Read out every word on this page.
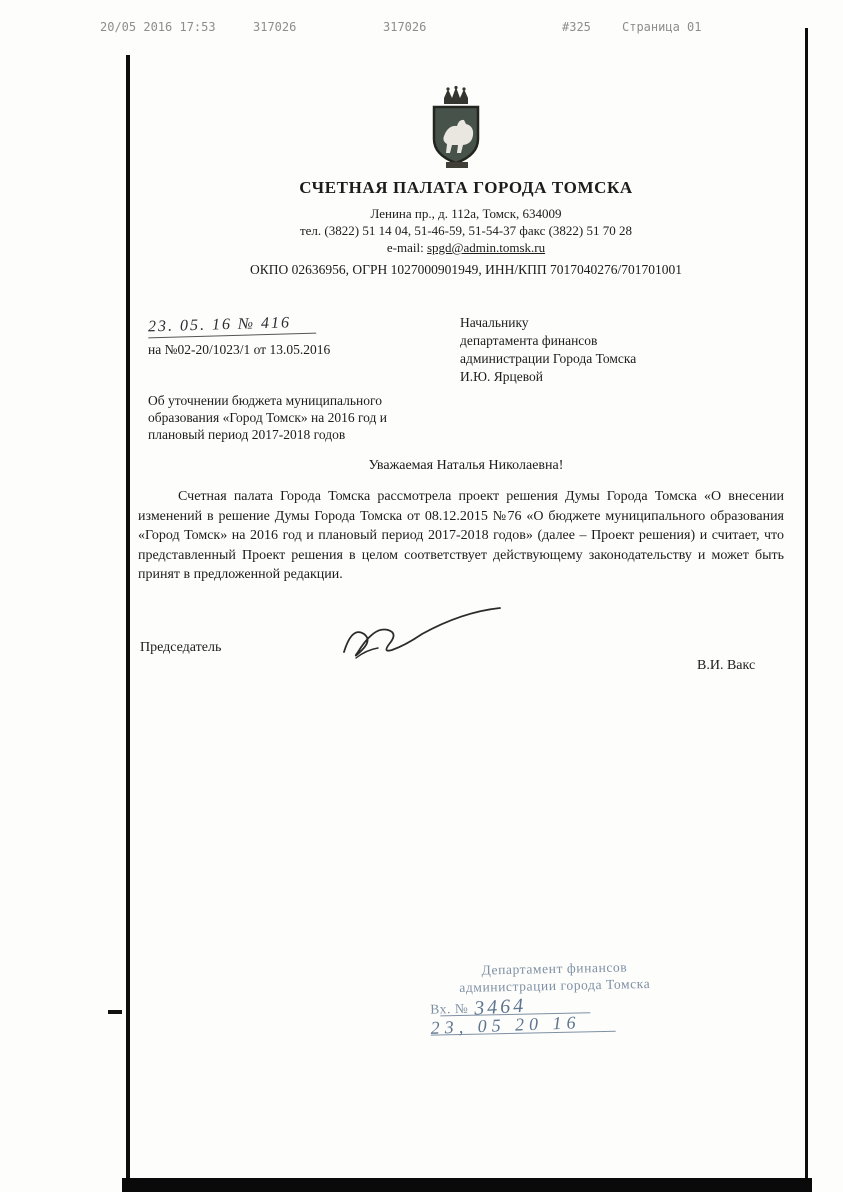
20/05 2016 17:53	317026	317026	#325	Страница 01
СЧЕТНАЯ ПАЛАТА ГОРОДА ТОМСКА
Ленина пр., д. 112а, Томск, 634009
тел. (3822) 51 14 04, 51-46-59, 51-54-37 факс (3822) 51 70 28
e-mail: spgd@admin.tomsk.ru
ОКПО 02636956, ОГРН 1027000901949, ИНН/КПП 7017040276/701701001
23. 05. 16 № 416
на №02-20/1023/1 от 13.05.2016
Начальнику
департамента финансов
администрации Города Томска
И.Ю. Ярцевой
Об уточнении бюджета муниципального
образования «Город Томск» на 2016 год и
плановый период 2017-2018 годов
Уважаемая Наталья Николаевна!
Счетная палата Города Томска рассмотрела проект решения Думы Города Томска «О внесении изменений в решение Думы Города Томска от 08.12.2015 №76 «О бюджете муниципального образования «Город Томск» на 2016 год и плановый период 2017-2018 годов» (далее – Проект решения) и считает, что представленный Проект решения в целом соответствует действующему законодательству и может быть принят в предложенной редакции.
Председатель
В.И. Вакс
Департамент финансов
администрации города Томска
Вх. № 3464
23, 05 20 16
